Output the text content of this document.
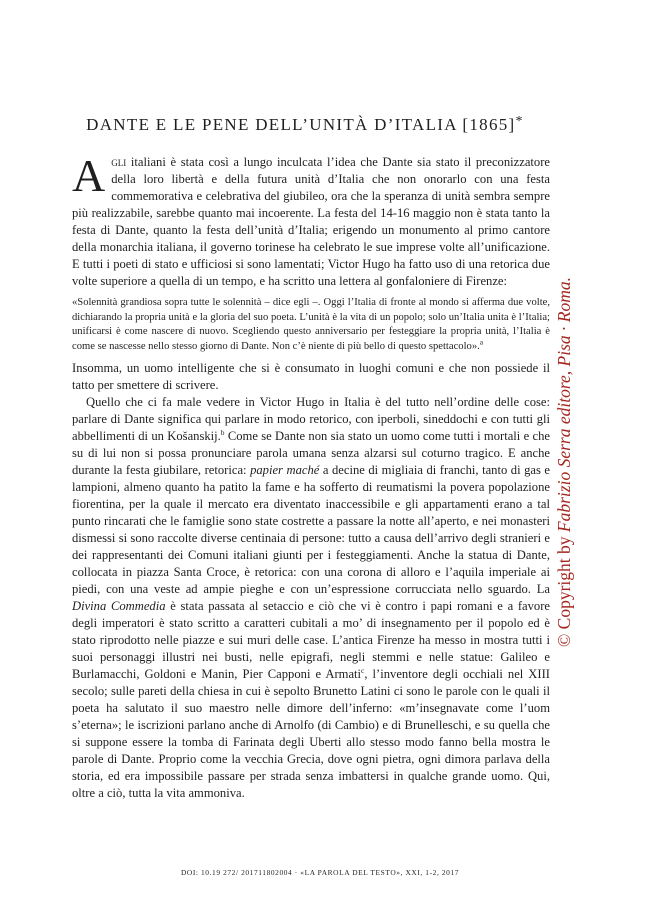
DANTE E LE PENE DELL’UNITÀ D’ITALIA [1865]*

Agli italiani è stata così a lungo inculcata l’idea che Dante sia stato il preconizzatore della loro libertà e della futura unità d’Italia che non onorarlo con una festa commemorativa e celebrativa del giubileo, ora che la speranza di unità sembra sempre più realizzabile, sarebbe quanto mai incoerente. La festa del 14-16 maggio non è stata tanto la festa di Dante, quanto la festa dell’unità d’Italia; erigendo un monumento al primo cantore della monarchia italiana, il governo torinese ha celebrato le sue imprese volte all’unificazione. E tutti i poeti di stato e ufficiosi si sono lamentati; Victor Hugo ha fatto uso di una retorica due volte superiore a quella di un tempo, e ha scritto una lettera al gonfaloniere di Firenze:

«Solennità grandiosa sopra tutte le solennità – dice egli –. Oggi l’Italia di fronte al mondo si afferma due volte, dichiarando la propria unità e la gloria del suo poeta. L’unità è la vita di un popolo; solo un’Italia unita è l’Italia; unificarsi è come nascere di nuovo. Scegliendo questo anniversario per festeggiare la propria unità, l’Italia è come se nascesse nello stesso giorno di Dante. Non c’è niente di più bello di questo spettacolo».$^a$

Insomma, un uomo intelligente che si è consumato in luoghi comuni e che non possiede il tatto per smettere di scrivere.

Quello che ci fa male vedere in Victor Hugo in Italia è del tutto nell’ordine delle cose: parlare di Dante significa qui parlare in modo retorico, con iperboli, sineddochi e con tutti gli abbellimenti di un Košanskij.$^b$ Come se Dante non sia stato un uomo come tutti i mortali e che su di lui non si possa pronunciare parola umana senza alzarsi sul coturno tragico. E anche durante la festa giubilare, retorica: papier maché a decine di migliaia di franchi, tanto di gas e lampioni, almeno quanto ha patito la fame e ha sofferto di reumatismi la povera popolazione fiorentina, per la quale il mercato era diventato inaccessibile e gli appartamenti erano a tal punto rincarati che le famiglie sono state costrette a passare la notte all’aperto, e nei monasteri dismessi si sono raccolte diverse centinaia di persone: tutto a causa dell’arrivo degli stranieri e dei rappresentanti dei Comuni italiani giunti per i festeggiamenti. Anche la statua di Dante, collocata in piazza Santa Croce, è retorica: con una corona di alloro e l’aquila imperiale ai piedi, con una veste ad ampie pieghe e con un’espressione corrucciata nello sguardo. La Divina Commedia è stata passata al setaccio e ciò che vi è contro i papi romani e a favore degli imperatori è stato scritto a caratteri cubitali a mo’ di insegnamento per il popolo ed è stato riprodotto nelle piazze e sui muri delle case. L’antica Firenze ha messo in mostra tutti i suoi personaggi illustri nei busti, nelle epigrafi, negli stemmi e nelle statue: Galileo e Burlamacchi, Goldoni e Manin, Pier Capponi e Armati$^c$, l’inventore degli occhiali nel XIII secolo; sulle pareti della chiesa in cui è sepolto Brunetto Latini ci sono le parole con le quali il poeta ha salutato il suo maestro nelle dimore dell’inferno: «m’insegnavate come l’uom s’eterna»; le iscrizioni parlano anche di Arnolfo (di Cambio) e di Brunelleschi, e su quella che si suppone essere la tomba di Farinata degli Uberti allo stesso modo fanno bella mostra le parole di Dante. Proprio come la vecchia Grecia, dove ogni pietra, ogni dimora parlava della storia, ed era impossibile passare per strada senza imbattersi in qualche grande uomo. Qui, oltre a ciò, tutta la vita ammoniva.

DOI: 10.19 272/ 201711802004 · «LA PAROLA DEL TESTO», XXI, 1-2, 2017

© Copyright by Fabrizio Serra editore, Pisa · Roma.
